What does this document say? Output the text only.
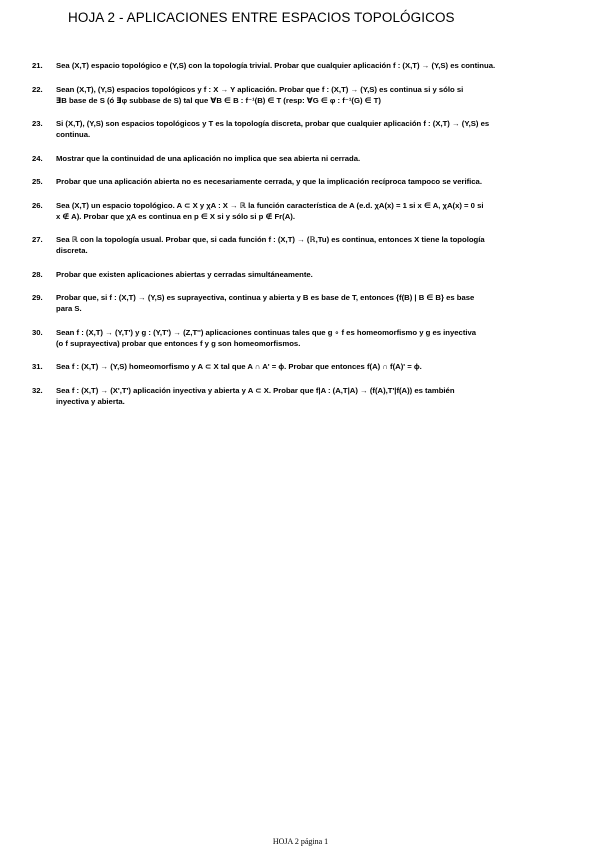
HOJA 2 - APLICACIONES ENTRE ESPACIOS TOPOLÓGICOS
21.	Sea (X,T) espacio topológico e (Y,S) con la topología trivial. Probar que cualquier aplicación f : (X,T) → (Y,S) es continua.
22.	Sean (X,T), (Y,S) espacios topológicos y f : X → Y aplicación. Probar que f : (X,T) → (Y,S) es continua si y sólo si
∃B base de S (ó ∃φ subbase de S) tal que ∀B ∈ B : f⁻¹(B) ∈ T (resp: ∀G ∈ φ : f⁻¹(G) ∈ T)
23.	Si (X,T), (Y,S) son espacios topológicos y T es la topología discreta, probar que cualquier aplicación f : (X,T) → (Y,S) es
continua.
24.	Mostrar que la continuidad de una aplicación no implica que sea abierta ni cerrada.
25.	Probar que una aplicación abierta no es necesariamente cerrada, y que la implicación recíproca tampoco se verifica.
26.	Sea (X,T) un espacio topológico. A ⊂ X y χA : X → ℝ la función característica de A (e.d. χA(x) = 1 si x ∈ A, χA(x) = 0 si
x ∉ A). Probar que χA es continua en p ∈ X si y sólo si p ∉ Fr(A).
27.	Sea ℝ con la topología usual. Probar que, si cada función f : (X,T) → (ℝ,Tu) es continua, entonces X tiene la topología
discreta.
28.	Probar que existen aplicaciones abiertas y cerradas simultáneamente.
29.	Probar que, si f : (X,T) → (Y,S) es suprayectiva, continua y abierta y B es base de T, entonces {f(B) | B ∈ B} es base
para S.
30.	Sean f : (X,T) → (Y,T') y g : (Y,T') → (Z,T'') aplicaciones continuas tales que g ∘ f es homeomorfismo y g es inyectiva
(o f suprayectiva) probar que entonces f y g son homeomorfismos.
31.	Sea f : (X,T) → (Y,S) homeomorfismo y A ⊂ X tal que A ∩ A' = ϕ. Probar que entonces f(A) ∩ f(A)' = ϕ.
32.	Sea f : (X,T) → (X',T') aplicación inyectiva y abierta y A ⊂ X. Probar que f|A : (A,T|A) → (f(A),T'|f(A)) es también
inyectiva y abierta.
HOJA 2 página 1
